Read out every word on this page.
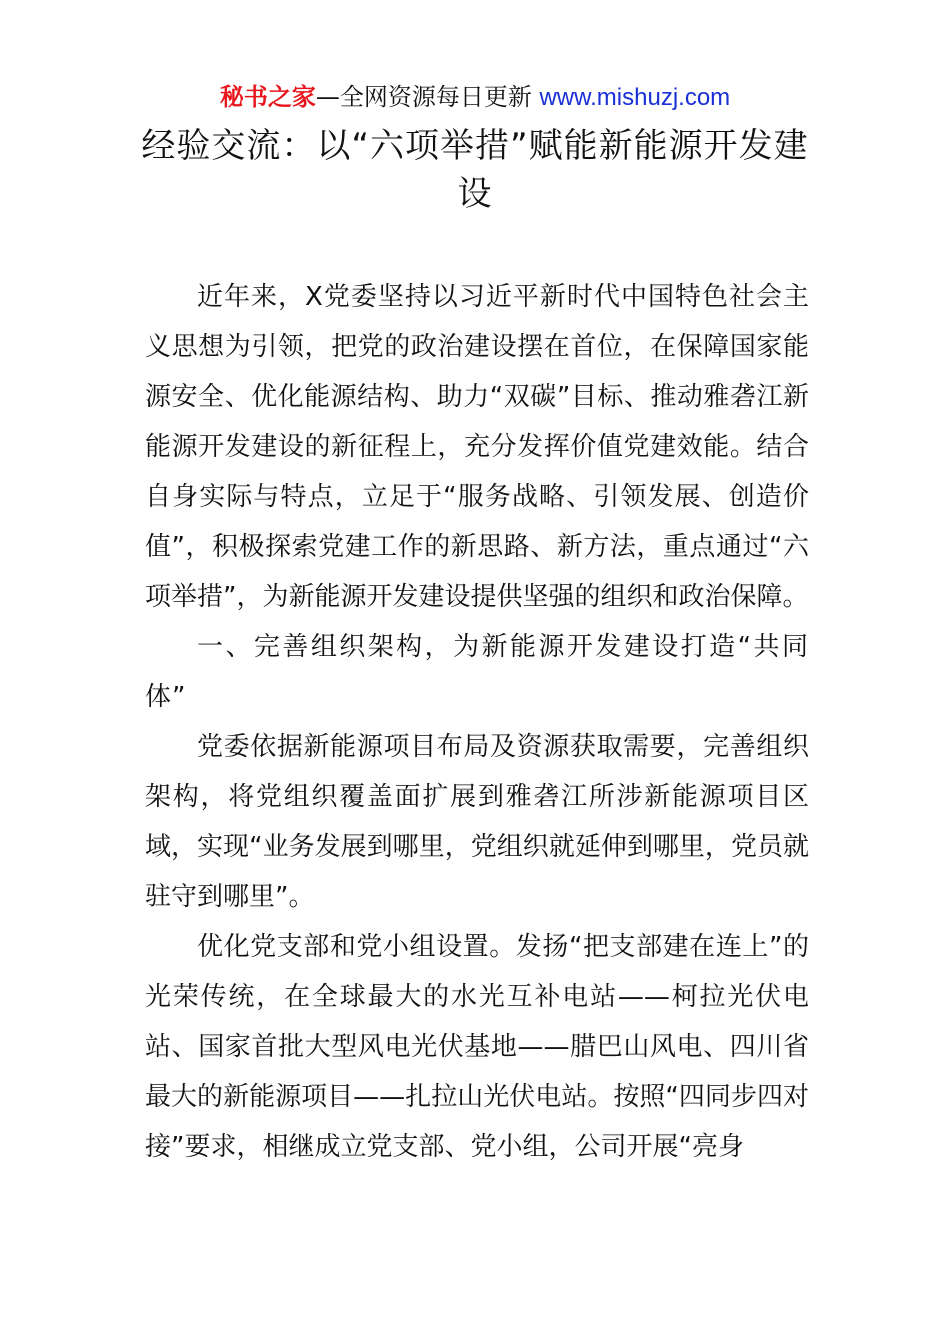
秘书之家—全网资源每日更新 www.mishuzj.com
经验交流：以“六项举措”赋能新能源开发建设

近年来，X党委坚持以习近平新时代中国特色社会主义思想为引领，把党的政治建设摆在首位，在保障国家能源安全、优化能源结构、助力“双碳”目标、推动雅砻江新能源开发建设的新征程上，充分发挥价值党建效能。结合自身实际与特点，立足于“服务战略、引领发展、创造价值”，积极探索党建工作的新思路、新方法，重点通过“六项举措”，为新能源开发建设提供坚强的组织和政治保障。

一、完善组织架构，为新能源开发建设打造“共同体”

党委依据新能源项目布局及资源获取需要，完善组织架构，将党组织覆盖面扩展到雅砻江所涉新能源项目区域，实现“业务发展到哪里，党组织就延伸到哪里，党员就驻守到哪里”。

优化党支部和党小组设置。发扬“把支部建在连上”的光荣传统，在全球最大的水光互补电站——柯拉光伏电站、国家首批大型风电光伏基地——腊巴山风电、四川省最大的新能源项目——扎拉山光伏电站。按照“四同步四对接”要求，相继成立党支部、党小组，公司开展“亮身
